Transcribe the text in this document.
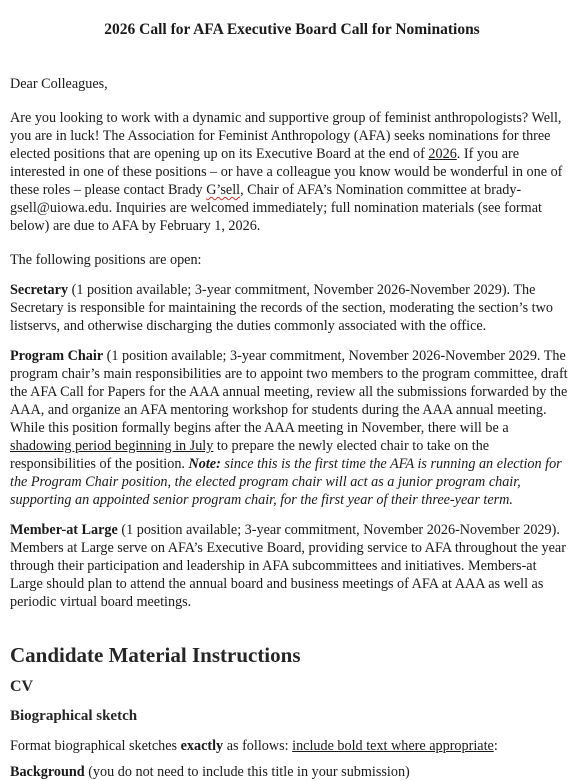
2026 Call for AFA Executive Board Call for Nominations

Dear Colleagues,

Are you looking to work with a dynamic and supportive group of feminist anthropologists? Well, you are in luck! The Association for Feminist Anthropology (AFA) seeks nominations for three elected positions that are opening up on its Executive Board at the end of 2026. If you are interested in one of these positions – or have a colleague you know would be wonderful in one of these roles – please contact Brady G’sell, Chair of AFA’s Nomination committee at brady-gsell@uiowa.edu. Inquiries are welcomed immediately; full nomination materials (see format below) are due to AFA by February 1, 2026.

The following positions are open:

Secretary (1 position available; 3-year commitment, November 2026-November 2029). The Secretary is responsible for maintaining the records of the section, moderating the section’s two listservs, and otherwise discharging the duties commonly associated with the office.

Program Chair (1 position available; 3-year commitment, November 2026-November 2029. The program chair’s main responsibilities are to appoint two members to the program committee, draft the AFA Call for Papers for the AAA annual meeting, review all the submissions forwarded by the AAA, and organize an AFA mentoring workshop for students during the AAA annual meeting. While this position formally begins after the AAA meeting in November, there will be a shadowing period beginning in July to prepare the newly elected chair to take on the responsibilities of the position. Note: since this is the first time the AFA is running an election for the Program Chair position, the elected program chair will act as a junior program chair, supporting an appointed senior program chair, for the first year of their three-year term.

Member-at Large (1 position available; 3-year commitment, November 2026-November 2029). Members at Large serve on AFA’s Executive Board, providing service to AFA throughout the year through their participation and leadership in AFA subcommittees and initiatives. Members-at Large should plan to attend the annual board and business meetings of AFA at AAA as well as periodic virtual board meetings.

Candidate Material Instructions
CV
Biographical sketch

Format biographical sketches exactly as follows: include bold text where appropriate:

Background (you do not need to include this title in your submission)
